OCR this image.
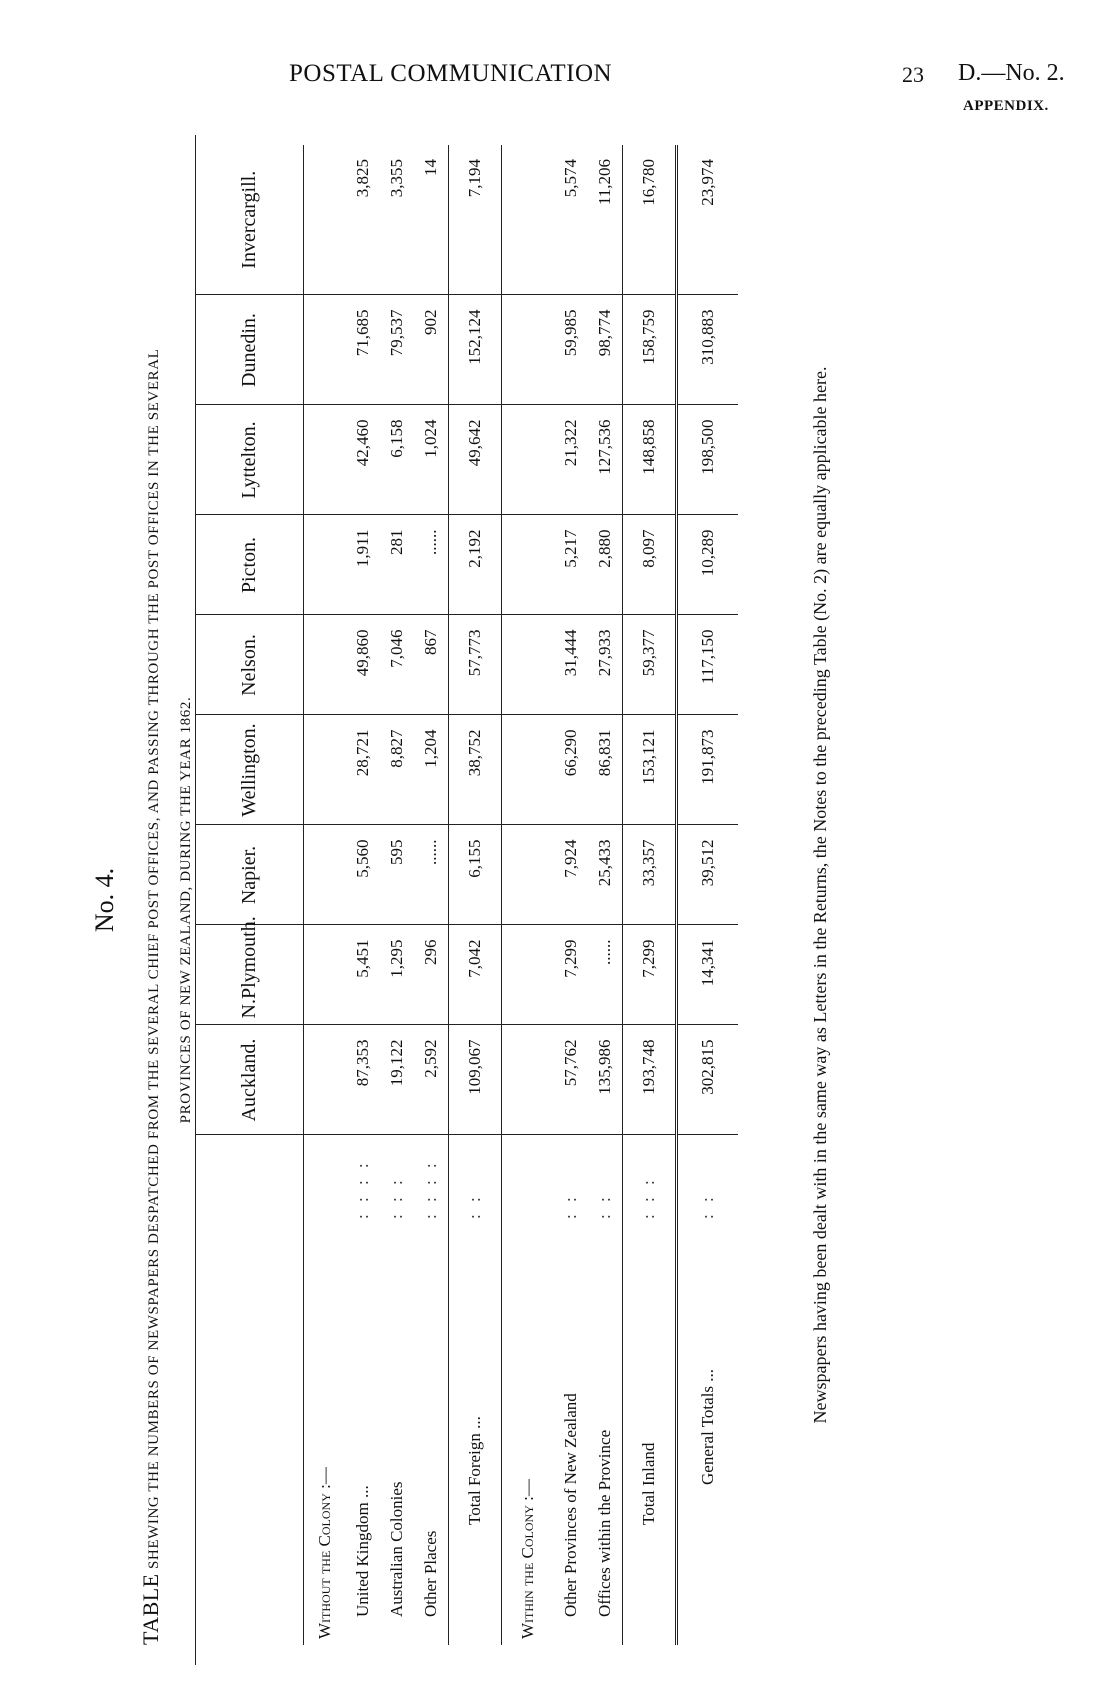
POSTAL COMMUNICATION	23 D.—No. 2.
APPENDIX.
No. 4.
TABLE SHEWING THE NUMBERS OF NEWSPAPERS DESPATCHED FROM THE SEVERAL CHIEF POST OFFICES, AND PASSING THROUGH THE POST OFFICES IN THE SEVERAL	PROVINCES OF NEW ZEALAND, DURING THE YEAR 1862.
		Auckland.	N.Plymouth.	Napier.	Wellington.	Nelson.	Picton.	Lyttelton.	Dunedin.	Invercargill.
Without the Colony :—										
United Kingdom ...	: : : :	87,353	5,451	5,560	28,721	49,860	1,911	42,460	71,685	3,825
Australian Colonies	: : :	19,122	1,295	595	8,827	7,046	281	6,158	79,537	3,355
Other Places	: : : :	2,592	296	......	1,204	867	......	1,024	902	14
Total Foreign ...	: :	109,067	7,042	6,155	38,752	57,773	2,192	49,642	152,124	7,194
Within the Colony :—										
Other Provinces of New Zealand	: :	57,762	7,299	7,924	66,290	31,444	5,217	21,322	59,985	5,574
Offices within the Province	: :	135,986	......	25,433	86,831	27,933	2,880	127,536	98,774	11,206
Total Inland	: : :	193,748	7,299	33,357	153,121	59,377	8,097	148,858	158,759	16,780
General Totals ...	: :	302,815	14,341	39,512	191,873	117,150	10,289	198,500	310,883	23,974
Newspapers having been dealt with in the same way as Letters in the Returns, the Notes to the preceding Table (No. 2) are equally applicable here.
